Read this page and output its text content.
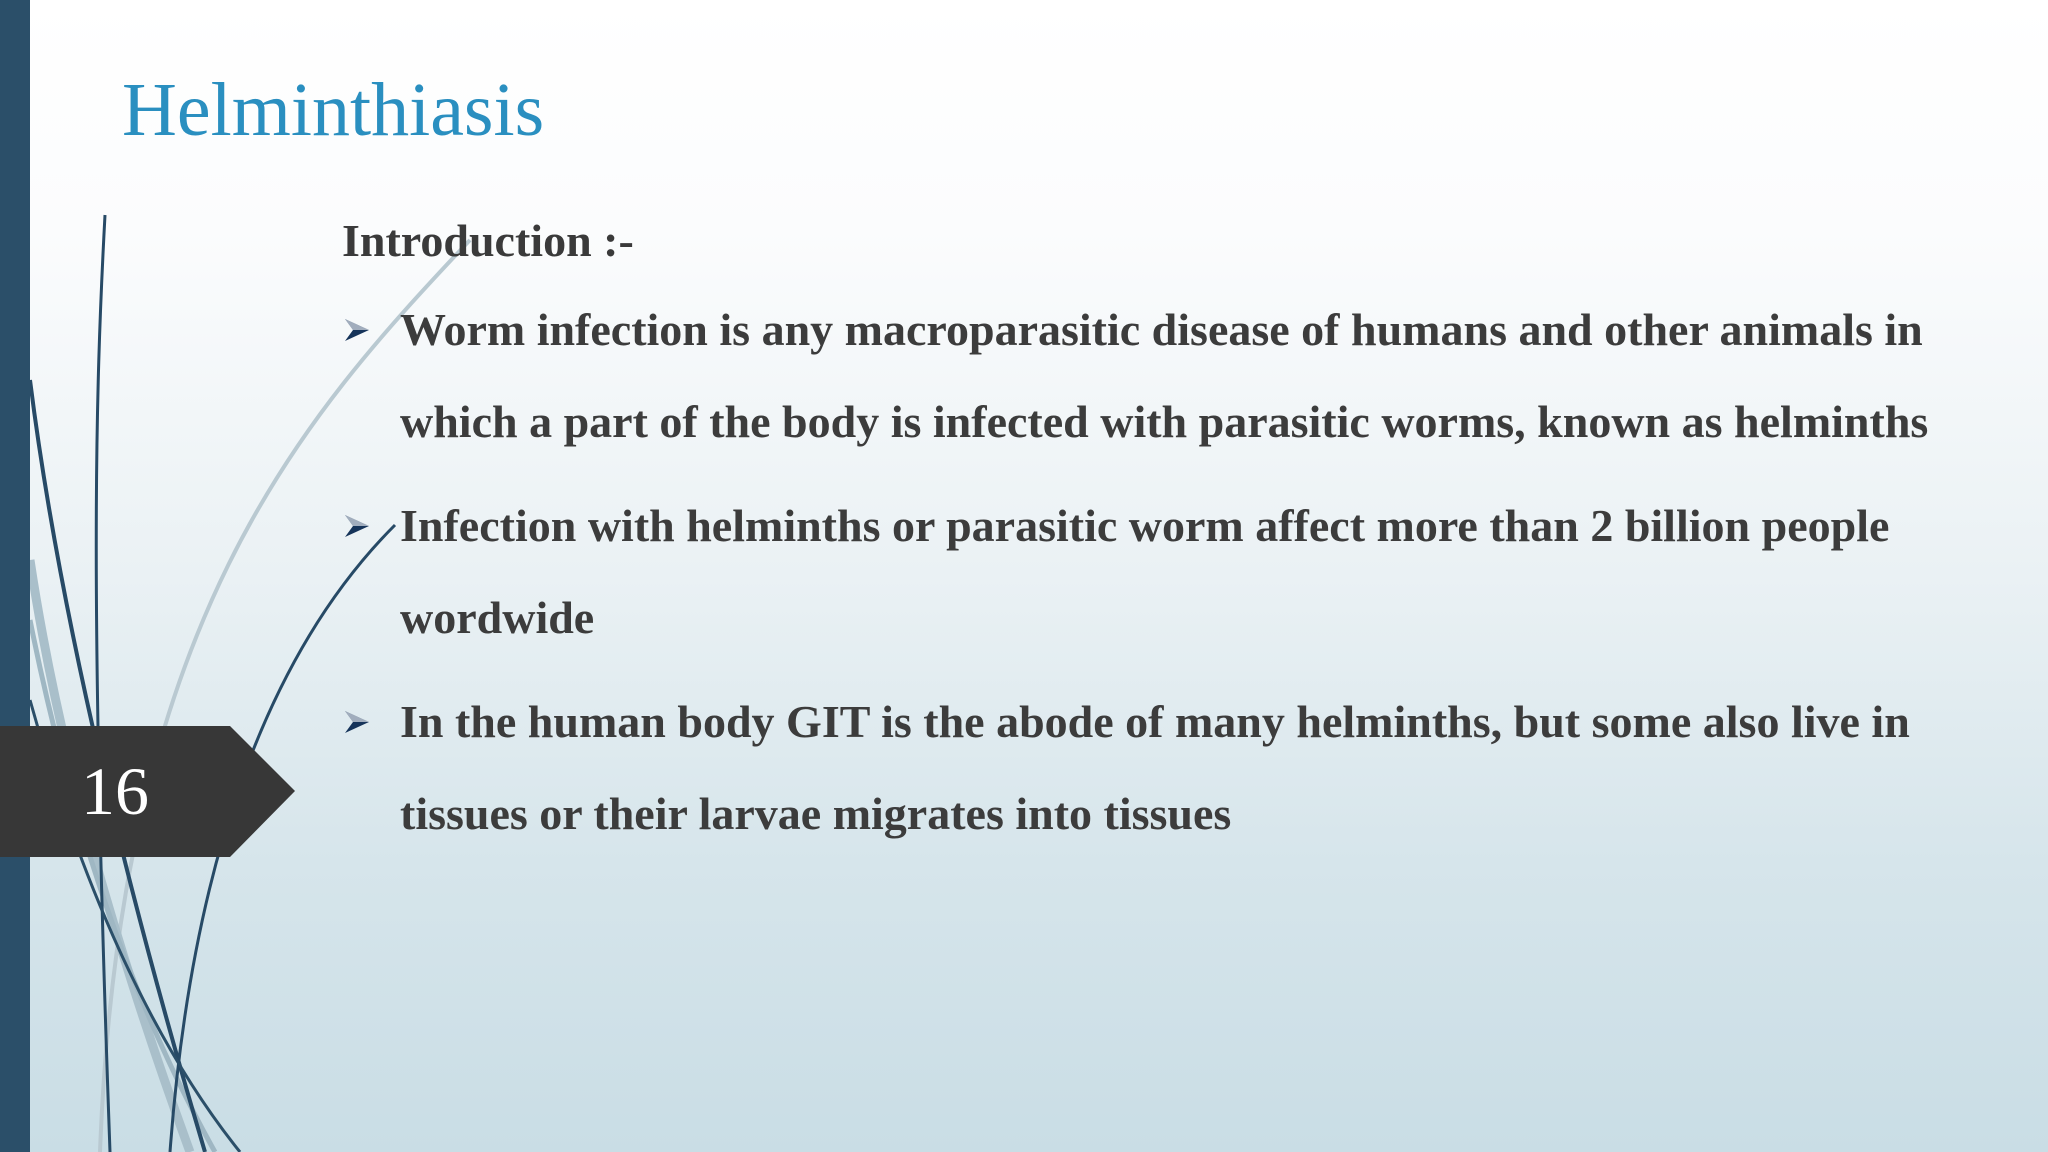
Helminthiasis

Introduction :-

Worm infection is any macroparasitic disease of humans and other animals in which a part of the body is infected with parasitic worms, known as helminths
Infection with helminths or parasitic worm affect more than 2 billion people wordwide
In the human body GIT is the abode of many helminths, but some also live in tissues or their larvae migrates into tissues
16
